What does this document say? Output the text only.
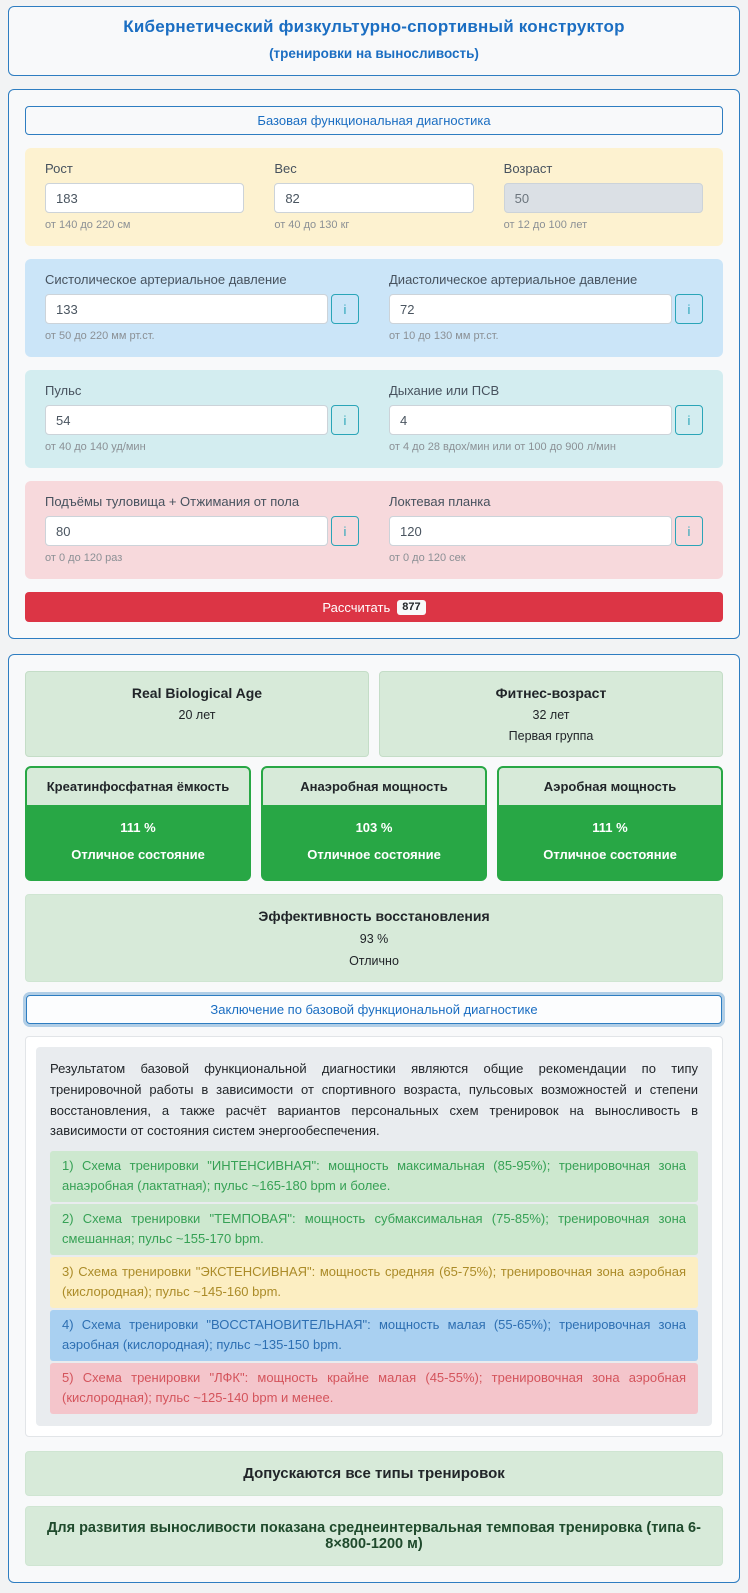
Кибернетический физкультурно-спортивный конструктор
(тренировки на выносливость)
Базовая функциональная диагностика
Рост
183
от 140 до 220 см
Вес
82
от 40 до 130 кг
Возраст
50
от 12 до 100 лет
Систолическое артериальное давление
133
i
от 50 до 220 мм рт.ст.
Диастолическое артериальное давление
72
i
от 10 до 130 мм рт.ст.
Пульс
54
i
от 40 до 140 уд/мин
Дыхание или ПСВ
4
i
от 4 до 28 вдох/мин или от 100 до 900 л/мин
Подъёмы туловища + Отжимания от пола
80
i
от 0 до 120 раз
Локтевая планка
120
i
от 0 до 120 сек
Рассчитать	877
Real Biological Age
20 лет
Фитнес-возраст
32 лет
Первая группа
Креатинфосфатная ёмкость
111 %
Отличное состояние
Анаэробная мощность
103 %
Отличное состояние
Аэробная мощность
111 %
Отличное состояние
Эффективность восстановления
93 %
Отлично
Заключение по базовой функциональной диагностике
Результатом базовой функциональной диагностики являются общие рекомендации по типу тренировочной работы в зависимости от спортивного возраста, пульсовых возможностей и степени восстановления, а также расчёт вариантов персональных схем тренировок на выносливость в зависимости от состояния систем энергообеспечения.
1) Схема тренировки "ИНТЕНСИВНАЯ": мощность максимальная (85-95%); тренировочная зона анаэробная (лактатная); пульс ~165-180 bpm и более.
2) Схема тренировки "ТЕМПОВАЯ": мощность субмаксимальная (75-85%); тренировочная зона смешанная; пульс ~155-170 bpm.
3) Схема тренировки "ЭКСТЕНСИВНАЯ": мощность средняя (65-75%); тренировочная зона аэробная (кислородная); пульс ~145-160 bpm.
4) Схема тренировки "ВОССТАНОВИТЕЛЬНАЯ": мощность малая (55-65%); тренировочная зона аэробная (кислородная); пульс ~135-150 bpm.
5) Схема тренировки "ЛФК": мощность крайне малая (45-55%); тренировочная зона аэробная (кислородная); пульс ~125-140 bpm и менее.
Допускаются все типы тренировок
Для развития выносливости показана среднеинтервальная темповая тренировка (типа 6-8×800-1200 м)
